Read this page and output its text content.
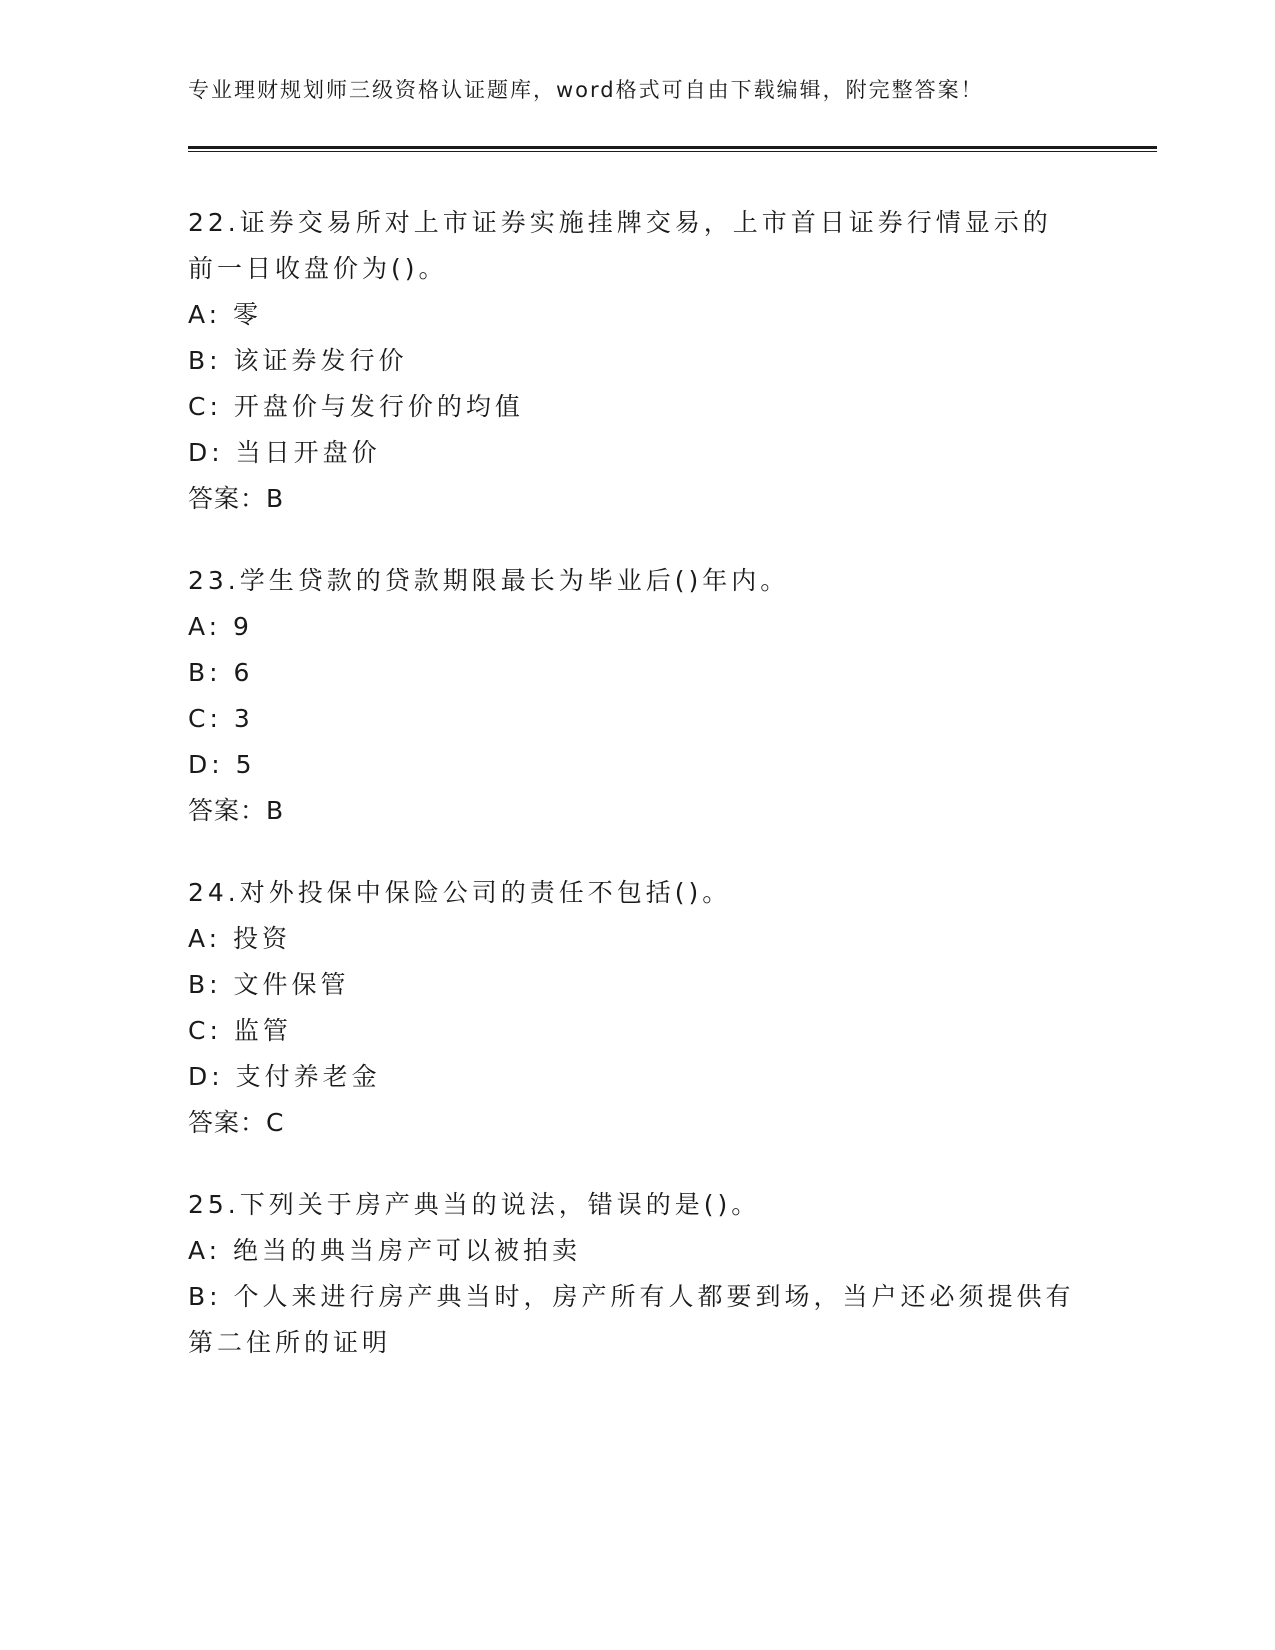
专业理财规划师三级资格认证题库，word格式可自由下载编辑，附完整答案！

22.证券交易所对上市证券实施挂牌交易，上市首日证券行情显示的前一日收盘价为()。

A: 零

B: 该证券发行价

C: 开盘价与发行价的均值

D: 当日开盘价

答案：B

23.学生贷款的贷款期限最长为毕业后()年内。

A: 9

B: 6

C: 3

D: 5

答案：B

24.对外投保中保险公司的责任不包括()。

A: 投资

B: 文件保管

C: 监管

D: 支付养老金

答案：C

25.下列关于房产典当的说法，错误的是()。

A: 绝当的典当房产可以被拍卖

B: 个人来进行房产典当时，房产所有人都要到场，当户还必须提供有第二住所的证明
